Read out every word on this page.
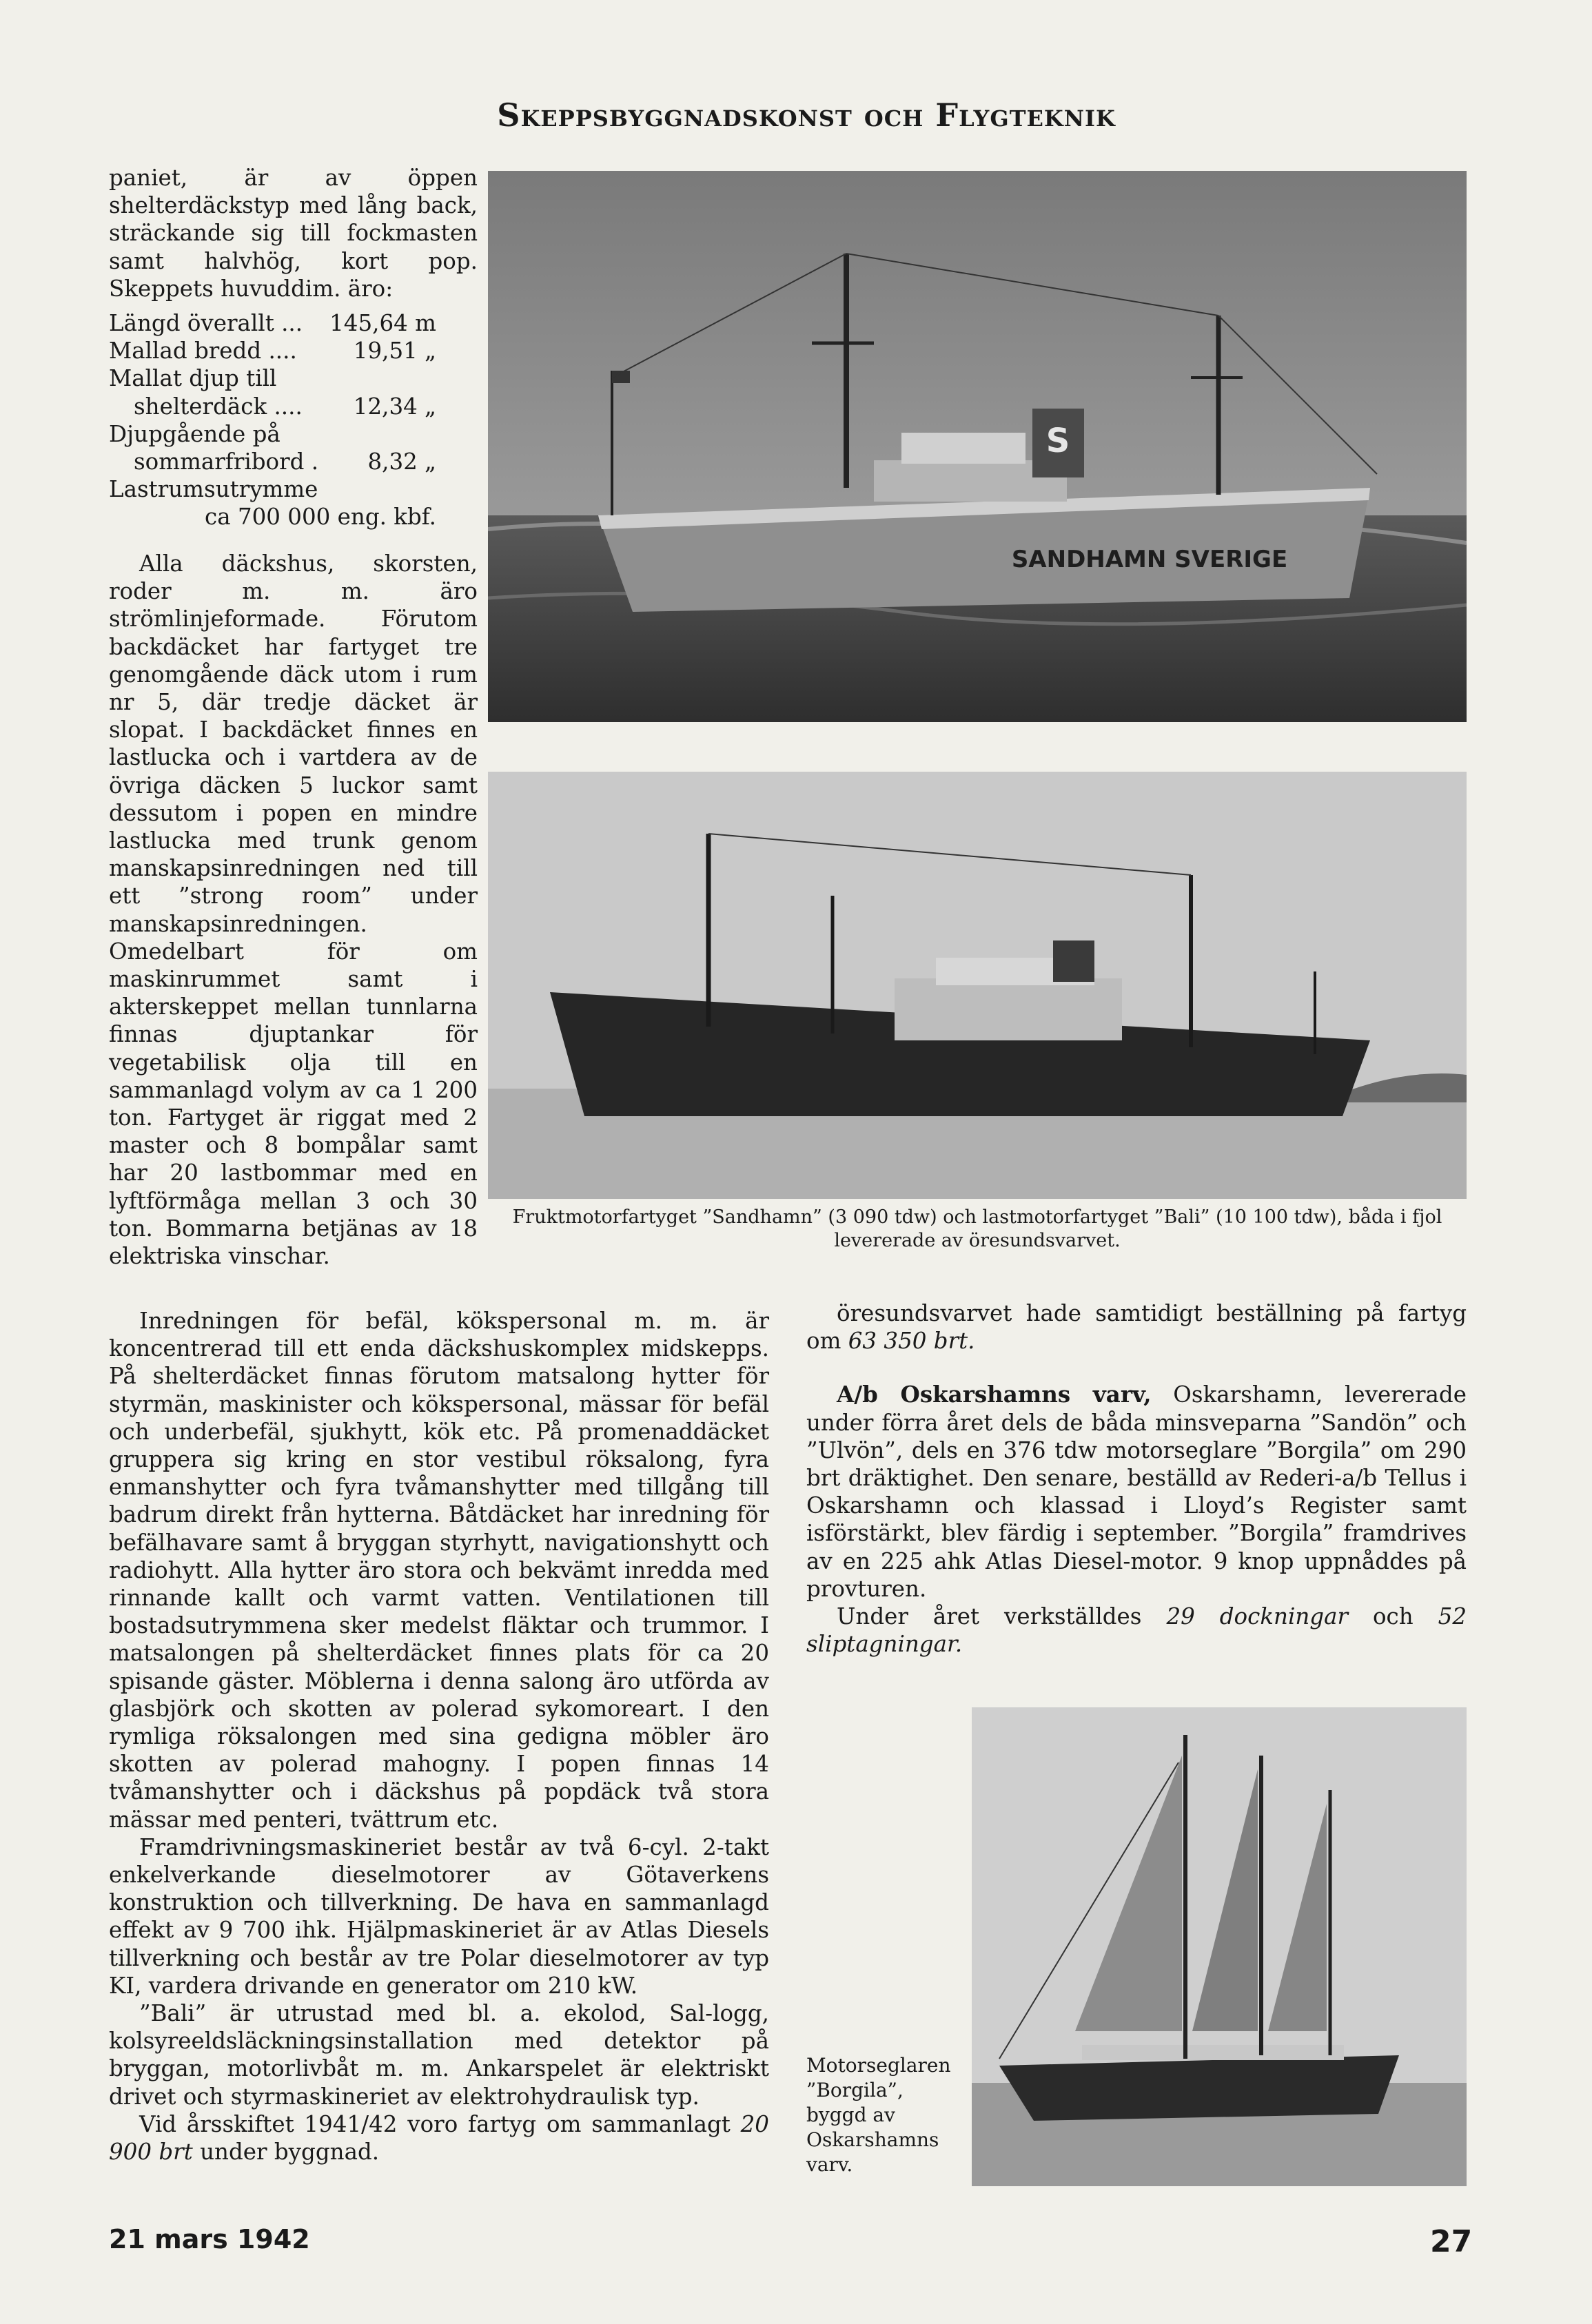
Skeppsbyggnadskonst och Flygteknik
paniet, är av öppen shelterdäckstyp med lång back, sträckande sig till fockmasten samt halvhög, kort pop. Skeppets huvuddim. äro:
Längd överallt ... 145,64 m
Mallad bredd ....	19,51 „
Mallat djup till
shelterdäck .... 12,34 „
Djupgående på
sommarfribord . 8,32 „
Lastrumsutrymme
ca 700 000 eng. kbf.
Alla däckshus, skorsten, roder m. m. äro strömlinjeformade. Förutom backdäcket har fartyget tre genomgående däck utom i rum nr 5, där tredje däcket är slopat. I backdäcket finnes en lastlucka och i vartdera av de övriga däcken 5 luckor samt dessutom i popen en mindre lastlucka med trunk genom manskapsinredningen ned till ett ”strong room” under manskapsinredningen. Omedelbart för om maskinrummet samt i akterskeppet mellan tunnlarna finnas djuptankar för vegetabilisk olja till en sammanlagd volym av ca 1 200 ton. Fartyget är riggat med 2 master och 8 bompålar samt har 20 lastbommar med en lyftförmåga mellan 3 och 30 ton. Bommarna betjänas av 18 elektriska vinschar.
S
SANDHAMN SVERIGE
Fruktmotorfartyget ”Sandhamn” (3 090 tdw) och lastmotorfartyget ”Bali” (10 100 tdw), båda i fjol levererade av öresundsvarvet.

Inredningen för befäl, kökspersonal m. m. är koncentrerad till ett enda däckshuskomplex midskepps. På shelterdäcket finnas förutom matsalong hytter för styrmän, maskinister och kökspersonal, mässar för befäl och underbefäl, sjukhytt, kök etc. På promenaddäcket gruppera sig kring en stor vestibul röksalong, fyra enmanshytter och fyra tvåmanshytter med tillgång till badrum direkt från hytterna. Båtdäcket har inredning för befälhavare samt å bryggan styrhytt, navigationshytt och radiohytt. Alla hytter äro stora och bekvämt inredda med rinnande kallt och varmt vatten. Ventilationen till bostadsutrymmena sker medelst fläktar och trummor. I matsalongen på shelterdäcket finnes plats för ca 20 spisande gäster. Möblerna i denna salong äro utförda av glasbjörk och skotten av polerad sykomoreart. I den rymliga röksalongen med sina gedigna möbler äro skotten av polerad mahogny. I popen finnas 14 tvåmanshytter och i däckshus på popdäck två stora mässar med penteri, tvättrum etc.

Framdrivningsmaskineriet består av två 6-cyl. 2-takt enkelverkande dieselmotorer av Götaverkens konstruktion och tillverkning. De hava en sammanlagd effekt av 9 700 ihk. Hjälpmaskineriet är av Atlas Diesels tillverkning och består av tre Polar dieselmotorer av typ KI, vardera drivande en generator om 210 kW.

”Bali” är utrustad med bl. a. ekolod, Sal-logg, kolsyreeldsläckningsinstallation med detektor på bryggan, motorlivbåt m. m. Ankarspelet är elektriskt drivet och styrmaskineriet av elektrohydraulisk typ.

Vid årsskiftet 1941/42 voro fartyg om sammanlagt 20 900 brt under byggnad.

öresundsvarvet hade samtidigt beställning på fartyg om 63 350 brt.

A/b Oskarshamns varv, Oskarshamn, levererade under förra året dels de båda minsveparna ”Sandön” och ”Ulvön”, dels en 376 tdw motorseglare ”Borgila” om 290 brt dräktighet. Den senare, beställd av Rederi-a/b Tellus i Oskarshamn och klassad i Lloyd’s Register samt isförstärkt, blev färdig i september. ”Borgila” framdrives av en 225 ahk Atlas Diesel-motor. 9 knop uppnåddes på provturen.

Under året verkställdes 29 dockningar och 52 sliptagningar.

Motorseglaren ”Borgila”, byggd av Oskarshamns varv.
21 mars 1942	27
